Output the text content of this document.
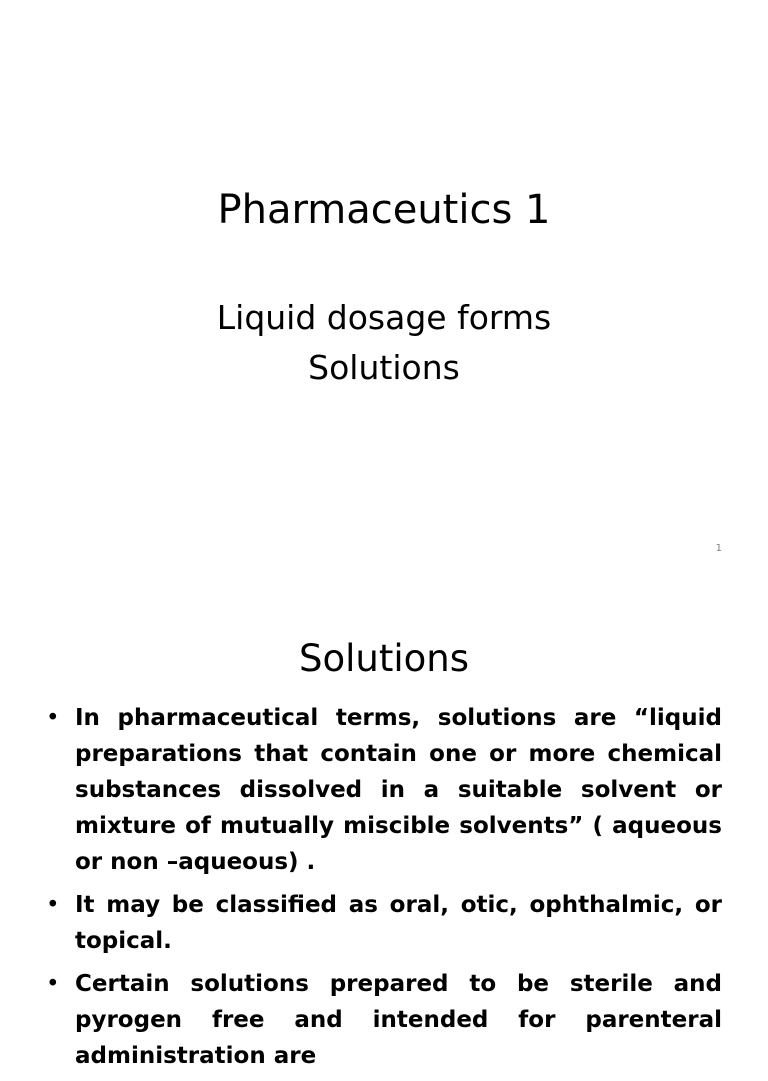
Pharmaceutics 1
Liquid dosage forms
Solutions
1
Solutions
• In pharmaceutical terms, solutions are “liquid preparations that contain one or more chemical substances dissolved in a suitable solvent or mixture of mutually miscible solvents” ( aqueous or non –aqueous) .
• It may be classified as oral, otic, ophthalmic, or topical.
• Certain solutions prepared to be sterile and pyrogen free and intended for parenteral administration are
